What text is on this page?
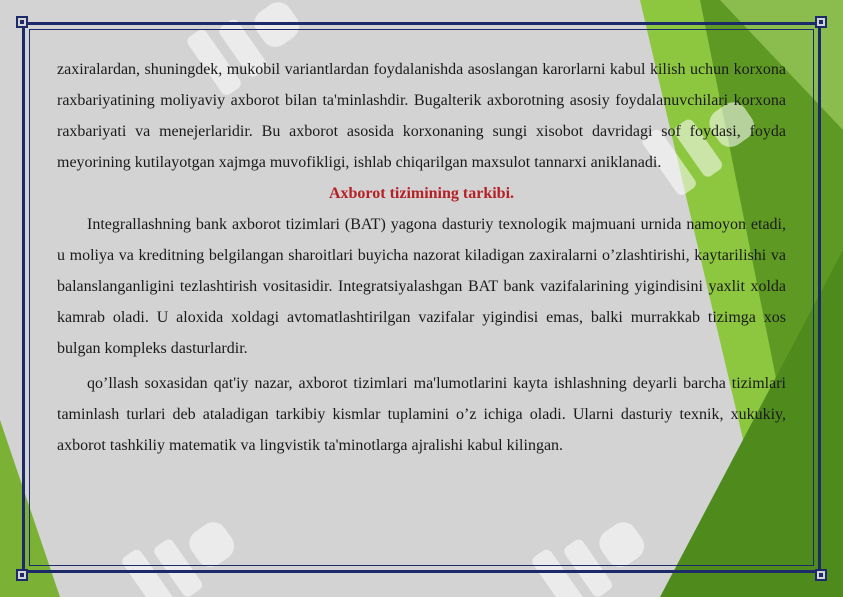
zaxiralardan, shuningdek, mukobil variantlardan foydalanishda asoslangan karorlarni kabul kilish uchun korxona raxbariyatining moliyaviy axborot bilan ta'minlashdir. Bugalterik axborotning asosiy foydalanuvchilari korxona raxbariyati va menejerlaridir. Bu axborot asosida korxonaning sungi xisobot davridagi sof foydasi, foyda meyorining kutilayotgan xajmga muvofikligi, ishlab chiqarilgan maxsulot tannarxi aniklanadi.

Axborot tizimining tarkibi.

Integrallashning bank axborot tizimlari (BAT) yagona dasturiy texnologik majmuani urnida namoyon etadi, u moliya va kreditning belgilangan sharoitlari buyicha nazorat kiladigan zaxiralarni o’zlashtirishi, kaytarilishi va balanslanganligini tezlashtirish vositasidir. Integratsiyalashgan BAT bank vazifalarining yigindisini yaxlit xolda kamrab oladi. U aloxida xoldagi avtomatlashtirilgan vazifalar yigindisi emas, balki murrakkab tizimga xos bulgan kompleks dasturlardir.

qo’llash soxasidan qat'iy nazar, axborot tizimlari ma'lumotlarini kayta ishlashning deyarli barcha tizimlari taminlash turlari deb ataladigan tarkibiy kismlar tuplamini o’z ichiga oladi. Ularni dasturiy texnik, xukukiy, axborot tashkiliy matematik va lingvistik ta'minotlarga ajralishi kabul kilingan.
